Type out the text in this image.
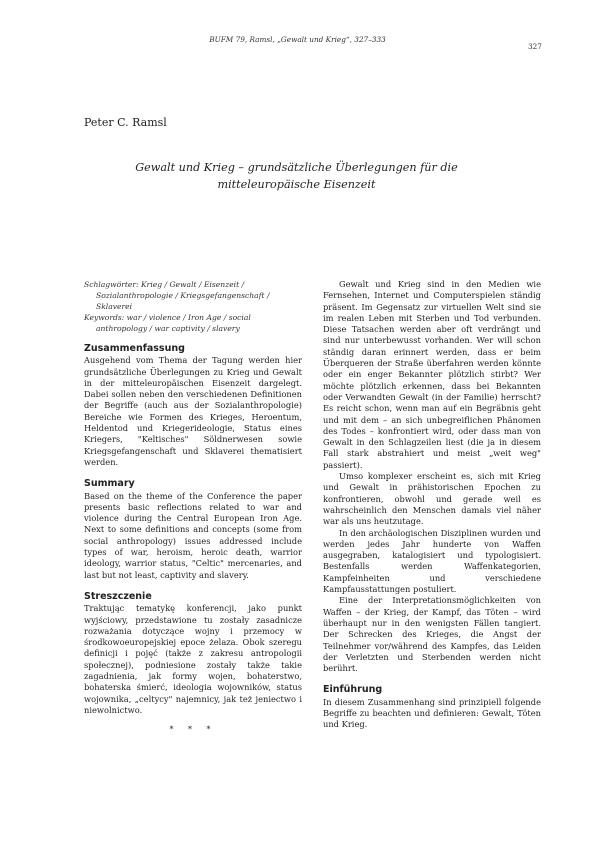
BUFM 79, Ramsl, „Gewalt und Krieg“, 327–333
327
Peter C. Ramsl
Gewalt und Krieg – grundsätzliche Überlegungen für die
mitteleuropäische Eisenzeit

Schlagwörter: Krieg / Gewalt / Eisenzeit / Sozialanthropologie / Kriegsgefangenschaft / Sklaverei

Keywords: war / violence / Iron Age / social anthropology / war captivity / slavery

Zusammenfassung

Ausgehend vom Thema der Tagung werden hier grundsätzliche Überlegungen zu Krieg und Gewalt in der mitteleuropäischen Eisenzeit dargelegt. Dabei sollen neben den verschiedenen Definitionen der Begriffe (auch aus der Sozialanthropologie) Bereiche wie Formen des Krieges, Heroentum, Heldentod und Kriegerideologie, Status eines Kriegers, "Keltisches" Söldnerwesen sowie Kriegsgefangenschaft und Sklaverei thematisiert werden.

Summary

Based on the theme of the Conference the paper presents basic reflections related to war and violence during the Central European Iron Age. Next to some definitions and concepts (some from social anthropology) issues addressed include types of war, heroism, heroic death, warrior ideology, warrior status, "Celtic" mercenaries, and last but not least, captivity and slavery.

Streszczenie

Traktując tematykę konferencji, jako punkt wyjściowy, przedstawione tu zostały zasadnicze rozważania dotyczące wojny i przemocy w środkowoeuropejskiej epoce żelaza. Obok szeregu definicji i pojęć (także z zakresu antropologii społecznej), podniesione zostały także takie zagadnienia, jak formy wojen, bohaterstwo, bohaterska śmierć, ideologia wojowników, status wojownika, „celtycy" najemnicy, jak też jeniectwo i niewolnictwo.

* * *

Gewalt und Krieg sind in den Medien wie Fernsehen, Internet und Computerspielen ständig präsent. Im Gegensatz zur virtuellen Welt sind sie im realen Leben mit Sterben und Tod verbunden. Diese Tatsachen werden aber oft verdrängt und sind nur unterbewusst vorhanden. Wer will schon ständig daran erinnert werden, dass er beim Überqueren der Straße überfahren werden könnte oder ein enger Bekannter plötzlich stirbt? Wer möchte plötzlich erkennen, dass bei Bekannten oder Verwandten Gewalt (in der Familie) herrscht? Es reicht schon, wenn man auf ein Begräbnis geht und mit dem – an sich unbegreiflichen Phänomen des Todes – konfrontiert wird, oder dass man von Gewalt in den Schlagzeilen liest (die ja in diesem Fall stark abstrahiert und meist „weit weg" passiert).

Umso komplexer erscheint es, sich mit Krieg und Gewalt in prähistorischen Epochen zu konfrontieren, obwohl und gerade weil es wahrscheinlich den Menschen damals viel näher war als uns heutzutage.

In den archäologischen Disziplinen wurden und werden jedes Jahr hunderte von Waffen ausgegraben, katalogisiert und typologisiert. Bestenfalls werden Waffenkategorien, Kampfeinheiten und verschiedene Kampfausstattungen postuliert.

Eine der Interpretationsmöglichkeiten von Waffen – der Krieg, der Kampf, das Töten – wird überhaupt nur in den wenigsten Fällen tangiert. Der Schrecken des Krieges, die Angst der Teilnehmer vor/während des Kampfes, das Leiden der Verletzten und Sterbenden werden nicht berührt.

Einführung

In diesem Zusammenhang sind prinzipiell folgende Begriffe zu beachten und definieren: Gewalt, Töten und Krieg.
